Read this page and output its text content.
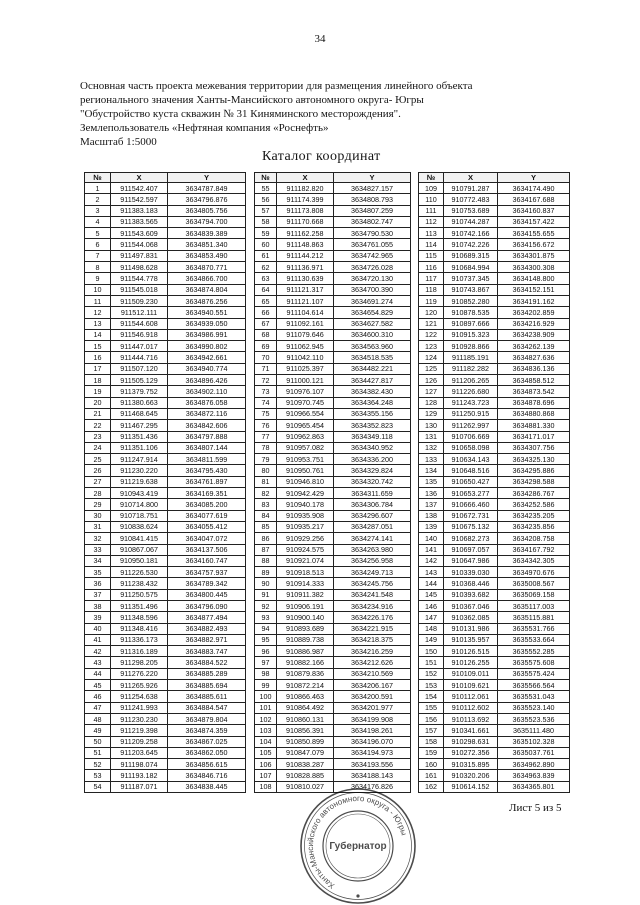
34
Основная часть проекта межевания территории для размещения линейного объекта
регионального значения Ханты-Мансийского автономного округа- Югры
"Обустройство куста скважин № 31 Киняминского месторождения".
Землепользователь «Нефтяная компания «Роснефть»
Масштаб 1:5000
Каталог координат
№	X	Y
1	911542.407	3634787.849
2	911542.597	3634796.876
3	911383.183	3634805.756
4	911383.565	3634794.700
5	911543.609	3634839.389
6	911544.068	3634851.340
7	911497.831	3634853.490
8	911498.628	3634870.771
9	911544.778	3634866.700
10	911545.018	3634874.804
11	911509.230	3634876.256
12	911512.111	3634940.551
13	911544.608	3634939.050
14	911546.918	3634986.991
15	911447.017	3634990.802
16	911444.716	3634942.661
17	911507.120	3634940.774
18	911505.129	3634896.426
19	911379.752	3634902.110
20	911380.663	3634876.058
21	911468.645	3634872.116
22	911467.295	3634842.606
23	911351.436	3634797.888
24	911351.106	3634807.144
25	911247.914	3634811.599
26	911230.220	3634795.430
27	911219.638	3634761.897
28	910943.419	3634169.351
29	910714.800	3634085.200
30	910718.751	3634077.619
31	910838.624	3634055.412
32	910841.415	3634047.072
33	910867.067	3634137.506
34	910950.181	3634160.747
35	911226.530	3634757.937
36	911238.432	3634789.342
37	911250.575	3634800.445
38	911351.496	3634796.090
39	911348.596	3634877.494
40	911348.416	3634882.493
41	911336.173	3634882.971
42	911316.189	3634883.747
43	911298.205	3634884.522
44	911276.220	3634885.289
45	911265.926	3634885.694
46	911254.638	3634885.611
47	911241.993	3634884.547
48	911230.230	3634879.804
49	911219.398	3634874.359
50	911209.258	3634867.025
51	911203.645	3634862.050
52	911198.074	3634856.615
53	911193.182	3634846.716
54	911187.071	3634838.445
№	X	Y
55	911182.820	3634827.157
56	911174.399	3634808.793
57	911173.808	3634807.259
58	911170.668	3634802.747
59	911162.258	3634790.530
60	911148.863	3634761.055
61	911144.212	3634742.965
62	911136.971	3634726.028
63	911130.639	3634720.130
64	911121.317	3634700.390
65	911121.107	3634691.274
66	911104.614	3634654.829
67	911092.161	3634627.582
68	911079.646	3634600.310
69	911062.945	3634563.960
70	911042.110	3634518.535
71	911025.397	3634482.221
72	911000.121	3634427.817
73	910976.107	3634382.430
74	910970.745	3634364.248
75	910966.554	3634355.156
76	910965.454	3634352.823
77	910962.863	3634349.118
78	910957.082	3634340.952
79	910953.751	3634336.200
80	910950.761	3634329.824
81	910946.810	3634320.742
82	910942.429	3634311.659
83	910940.178	3634306.784
84	910935.908	3634296.607
85	910935.217	3634287.051
86	910929.256	3634274.141
87	910924.575	3634263.980
88	910921.074	3634256.958
89	910918.513	3634249.713
90	910914.333	3634245.756
91	910911.382	3634241.548
92	910906.191	3634234.916
93	910900.140	3634226.176
94	910893.689	3634221.915
95	910889.738	3634218.375
96	910886.987	3634216.259
97	910882.166	3634212.626
98	910879.836	3634210.569
99	910872.214	3634206.167
100	910866.463	3634200.591
101	910864.492	3634201.977
102	910860.131	3634199.908
103	910856.391	3634198.261
104	910850.899	3634196.070
105	910847.079	3634194.973
106	910838.287	3634193.556
107	910828.885	3634188.143
108	910810.027	3634176.826
№	X	Y
109	910791.287	3634174.490
110	910772.483	3634167.688
111	910753.689	3634160.837
112	910744.287	3634157.422
113	910742.166	3634155.655
114	910742.226	3634156.672
115	910689.315	3634301.875
116	910684.994	3634300.308
117	910737.345	3634148.800
118	910743.867	3634152.151
119	910852.280	3634191.162
120	910878.535	3634202.859
121	910897.666	3634216.929
122	910915.323	3634238.909
123	910928.866	3634262.139
124	911185.191	3634827.636
125	911182.282	3634836.136
126	911206.265	3634858.512
127	911226.680	3634873.542
128	911243.723	3634878.696
129	911250.915	3634880.868
130	911262.997	3634881.330
131	910706.669	3634171.017
132	910658.098	3634307.756
133	910634.143	3634325.130
134	910648.516	3634295.886
135	910650.427	3634298.588
136	910653.277	3634286.767
137	910666.460	3634252.586
138	910672.731	3634235.205
139	910675.132	3634235.856
140	910682.273	3634208.758
141	910697.057	3634167.792
142	910647.986	3634342.305
143	910339.030	3634970.676
144	910368.446	3635008.567
145	910393.682	3635069.158
146	910367.046	3635117.003
147	910362.085	3635115.881
148	910131.986	3635531.766
149	910135.957	3635533.664
150	910126.515	3635552.285
151	910126.255	3635575.608
152	910109.011	3635575.424
153	910109.621	3635566.564
154	910112.061	3635531.043
155	910112.602	3635523.140
156	910113.692	3635523.536
157	910341.661	3635111.480
158	910298.631	3635102.328
159	910272.356	3635037.761
160	910315.895	3634962.890
161	910320.206	3634963.839
162	910614.152	3634365.801
Лист 5 из 5
Ханты-Мансийского автономного округа - Югры
Губернатор
